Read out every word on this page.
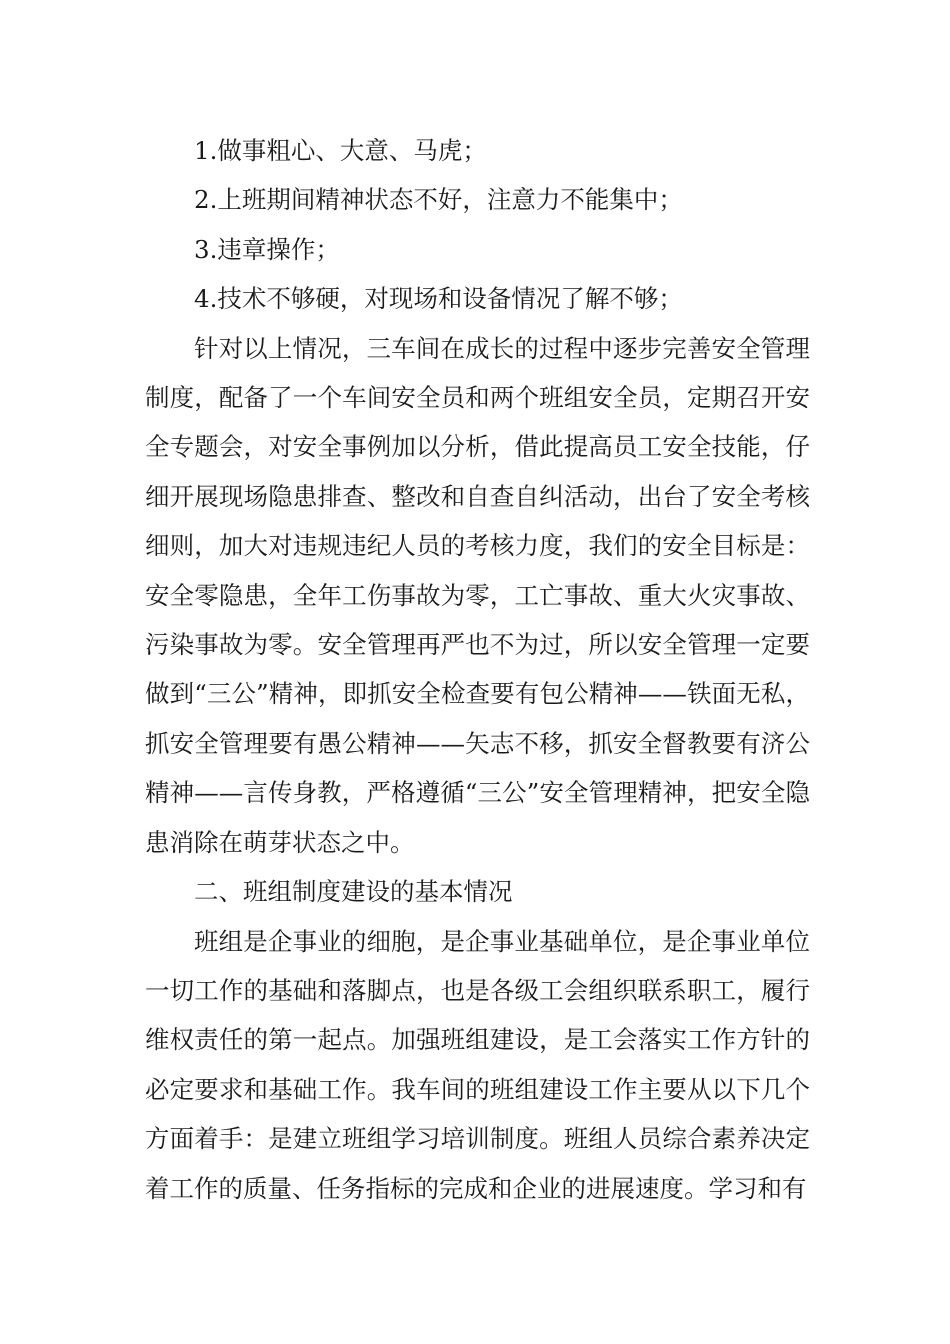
1.做事粗心、大意、马虎；

2.上班期间精神状态不好，注意力不能集中；

3.违章操作；

4.技术不够硬，对现场和设备情况了解不够；

针对以上情况，三车间在成长的过程中逐步完善安全管理制度，配备了一个车间安全员和两个班组安全员，定期召开安全专题会，对安全事例加以分析，借此提高员工安全技能，仔细开展现场隐患排查、整改和自查自纠活动，出台了安全考核细则，加大对违规违纪人员的考核力度，我们的安全目标是：安全零隐患，全年工伤事故为零，工亡事故、重大火灾事故、污染事故为零。安全管理再严也不为过，所以安全管理一定要做到“三公”精神，即抓安全检查要有包公精神——铁面无私，抓安全管理要有愚公精神——矢志不移，抓安全督教要有济公精神——言传身教，严格遵循“三公”安全管理精神，把安全隐患消除在萌芽状态之中。

二、班组制度建设的基本情况

班组是企事业的细胞，是企事业基础单位，是企事业单位一切工作的基础和落脚点，也是各级工会组织联系职工，履行维权责任的第一起点。加强班组建设，是工会落实工作方针的必定要求和基础工作。我车间的班组建设工作主要从以下几个方面着手：是建立班组学习培训制度。班组人员综合素养决定着工作的质量、任务指标的完成和企业的进展速度。学习和有
